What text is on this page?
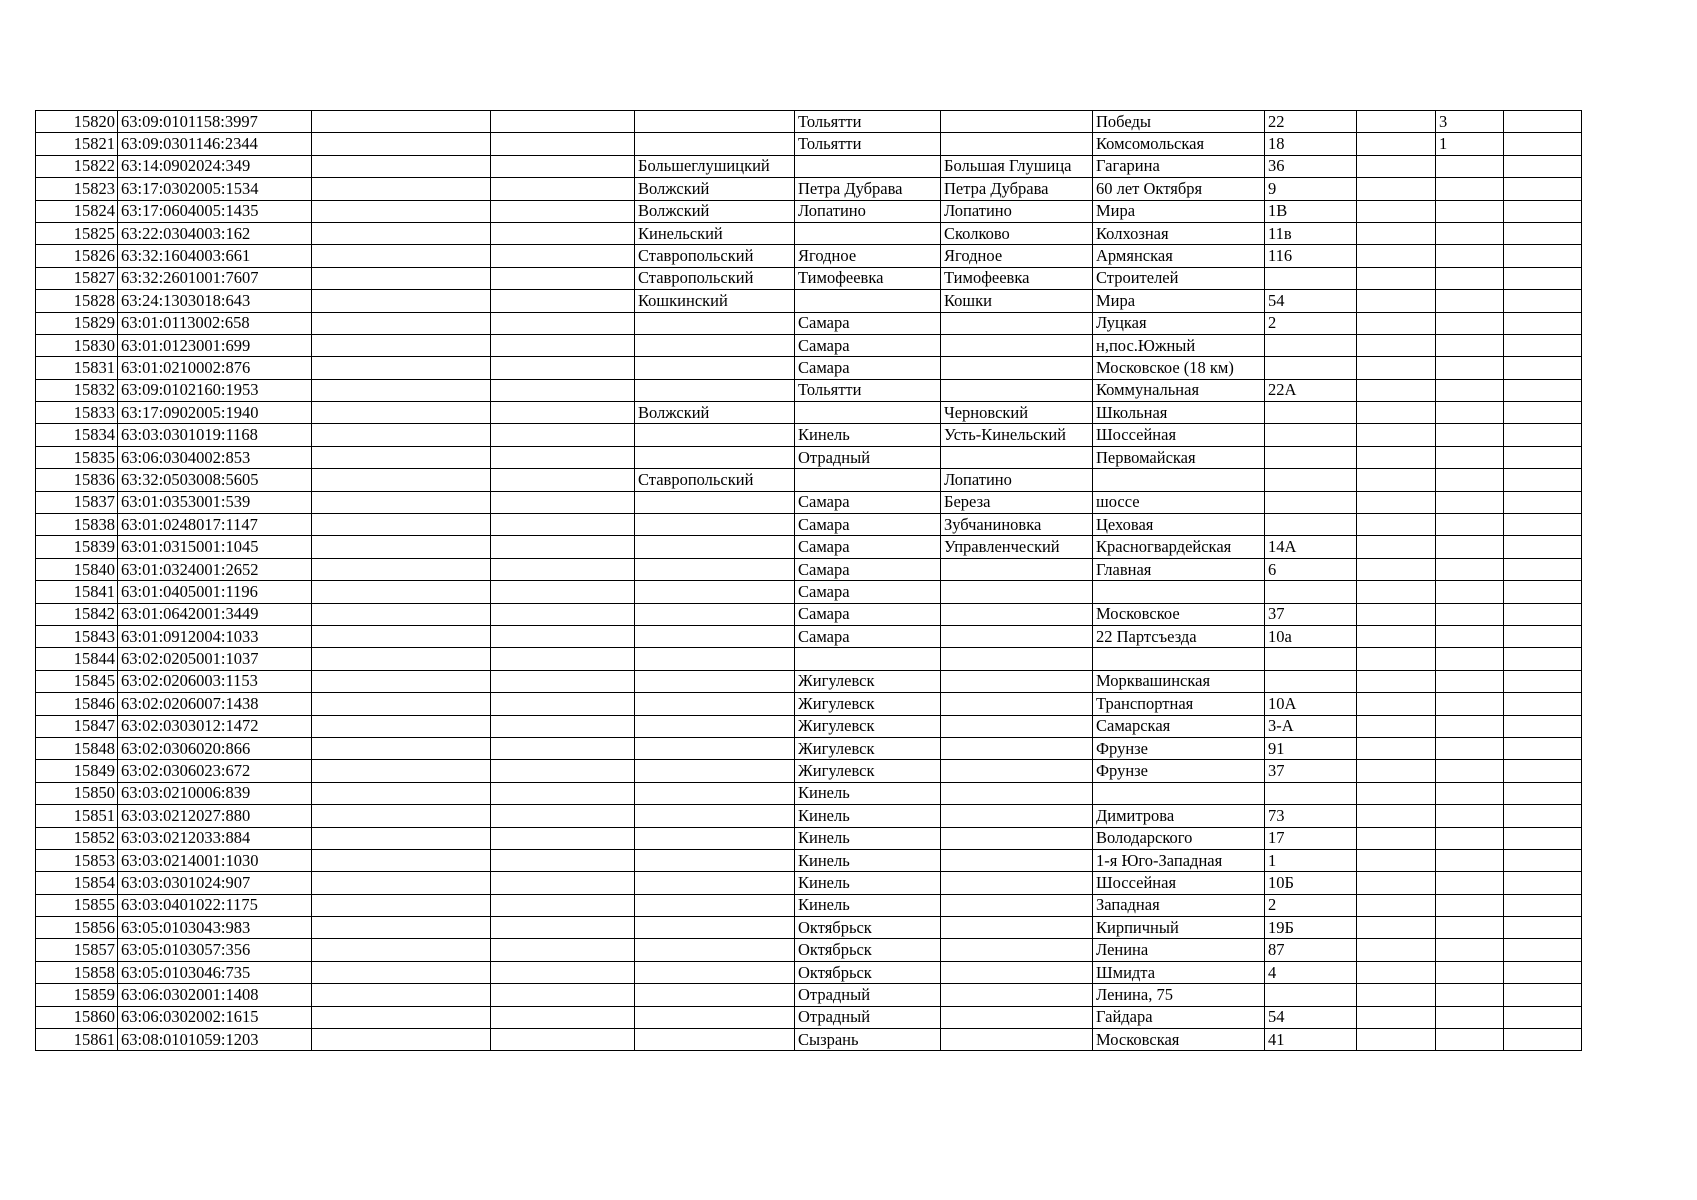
15820	63:09:0101158:3997				Тольятти		Победы	22		3	
15821	63:09:0301146:2344				Тольятти		Комсомольская	18		1	
15822	63:14:0902024:349			Большеглушицкий		Большая Глушица	Гагарина	36			
15823	63:17:0302005:1534			Волжский	Петра Дубрава	Петра Дубрава	60 лет Октября	9			
15824	63:17:0604005:1435			Волжский	Лопатино	Лопатино	Мира	1В			
15825	63:22:0304003:162			Кинельский		Сколково	Колхозная	11в			
15826	63:32:1604003:661			Ставропольский	Ягодное	Ягодное	Армянская	116			
15827	63:32:2601001:7607			Ставропольский	Тимофеевка	Тимофеевка	Строителей				
15828	63:24:1303018:643			Кошкинский		Кошки	Мира	54			
15829	63:01:0113002:658				Самара		Луцкая	2			
15830	63:01:0123001:699				Самара		н,пос.Южный				
15831	63:01:0210002:876				Самара		Московское (18 км)				
15832	63:09:0102160:1953				Тольятти		Коммунальная	22А			
15833	63:17:0902005:1940			Волжский		Черновский	Школьная				
15834	63:03:0301019:1168				Кинель	Усть-Кинельский	Шоссейная				
15835	63:06:0304002:853				Отрадный		Первомайская				
15836	63:32:0503008:5605			Ставропольский		Лопатино					
15837	63:01:0353001:539				Самара	Береза	шоссе				
15838	63:01:0248017:1147				Самара	Зубчаниновка	Цеховая				
15839	63:01:0315001:1045				Самара	Управленческий	Красногвардейская	14А			
15840	63:01:0324001:2652				Самара		Главная	6			
15841	63:01:0405001:1196				Самара						
15842	63:01:0642001:3449				Самара		Московское	37			
15843	63:01:0912004:1033				Самара		22 Партсъезда	10а			
15844	63:02:0205001:1037										
15845	63:02:0206003:1153				Жигулевск		Морквашинская				
15846	63:02:0206007:1438				Жигулевск		Транспортная	10А			
15847	63:02:0303012:1472				Жигулевск		Самарская	3-А			
15848	63:02:0306020:866				Жигулевск		Фрунзе	91			
15849	63:02:0306023:672				Жигулевск		Фрунзе	37			
15850	63:03:0210006:839				Кинель						
15851	63:03:0212027:880				Кинель		Димитрова	73			
15852	63:03:0212033:884				Кинель		Володарского	17			
15853	63:03:0214001:1030				Кинель		1-я Юго-Западная	1			
15854	63:03:0301024:907				Кинель		Шоссейная	10Б			
15855	63:03:0401022:1175				Кинель		Западная	2			
15856	63:05:0103043:983				Октябрьск		Кирпичный	19Б			
15857	63:05:0103057:356				Октябрьск		Ленина	87			
15858	63:05:0103046:735				Октябрьск		Шмидта	4			
15859	63:06:0302001:1408				Отрадный		Ленина, 75				
15860	63:06:0302002:1615				Отрадный		Гайдара	54			
15861	63:08:0101059:1203				Сызрань		Московская	41			
